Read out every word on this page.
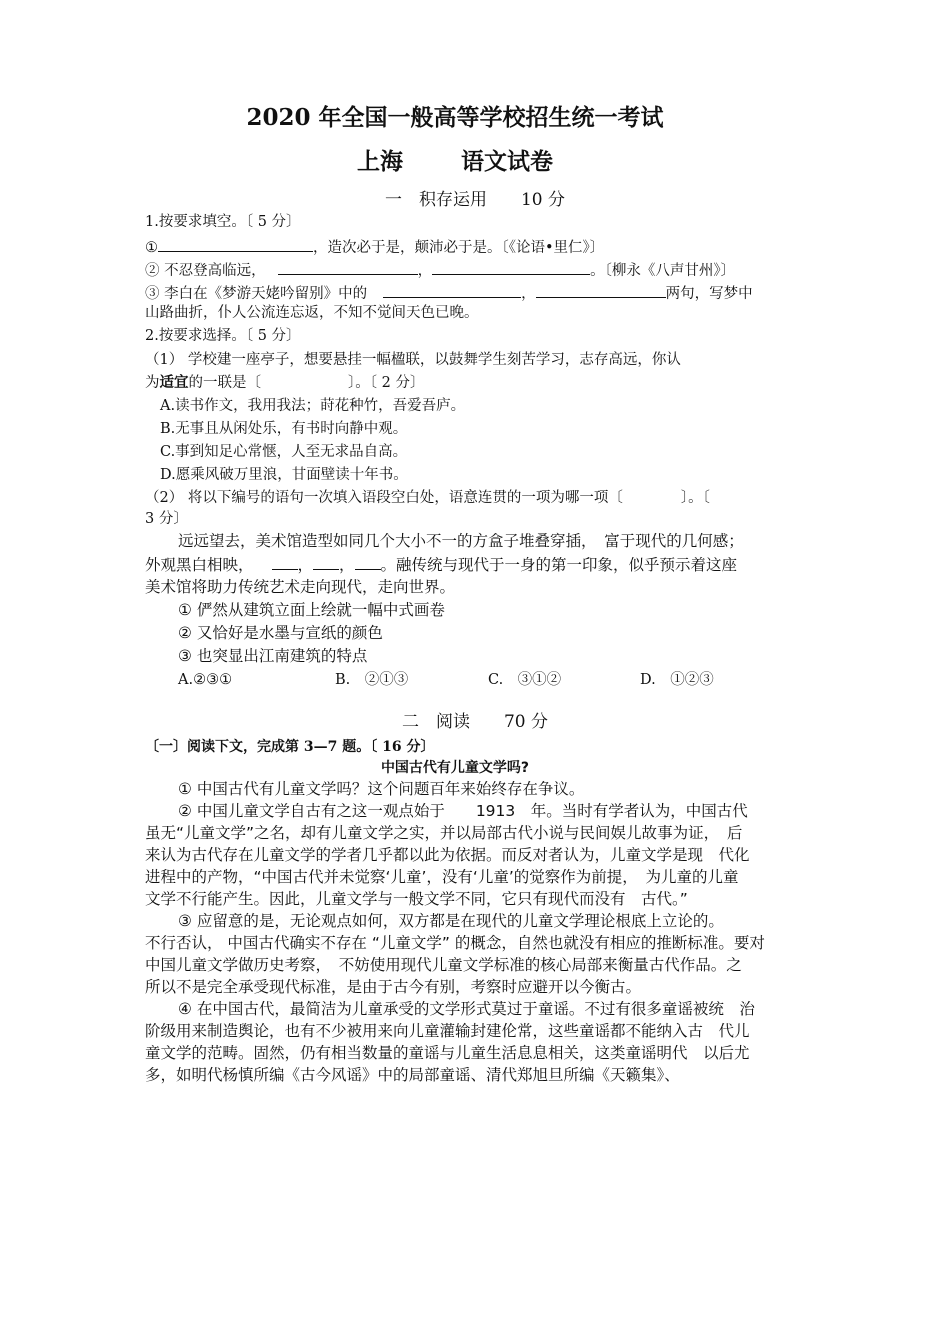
2020 年全国一般高等学校招生统一考试
上海	语文试卷
一　积存运用　　10 分
1.按要求填空。〔 5 分〕
①	，造次必于是，颠沛必于是。〔《论语•里仁》〕
② 不忍登高临远，	，	。〔柳永《八声甘州》〕
③ 李白在《梦游天姥吟留别》中的	，	两句，写梦中
山路曲折，仆人公流连忘返，不知不觉间天色已晚。
2.按要求选择。〔 5 分〕
（1） 学校建一座亭子，想要悬挂一幅楹联，以鼓舞学生刻苦学习，志存高远，你认
为适宜的一联是〔　　　　　　〕。〔 2 分〕
A.读书作文，我用我法；莳花种竹，吾爱吾庐。
B.无事且从闲处乐，有书时向静中观。
C.事到知足心常惬，人至无求品自高。
D.愿乘风破万里浪，甘面壁读十年书。
（2） 将以下编号的语句一次填入语段空白处，语意连贯的一项为哪一项〔　　　　〕。〔
3 分〕
远远望去，美术馆造型如同几个大小不一的方盒子堆叠穿插，　富于现代的几何感；
外观黑白相映，	， ， 。融传统与现代于一身的第一印象，似乎预示着这座
美术馆将助力传统艺术走向现代，走向世界。
① 俨然从建筑立面上绘就一幅中式画卷
② 又恰好是水墨与宣纸的颜色
③ 也突显出江南建筑的特点
A.②③①	B.　②①③	C.　③①②	D.　①②③
二　阅读　　70 分
〔一〕阅读下文，完成第 3—7 题。〔 16 分〕
中国古代有儿童文学吗?
① 中国古代有儿童文学吗？这个问题百年来始终存在争议。
② 中国儿童文学自古有之这一观点始于　　1913　年。当时有学者认为，中国古代
虽无“儿童文学”之名，却有儿童文学之实，并以局部古代小说与民间娱儿故事为证，　后
来认为古代存在儿童文学的学者几乎都以此为依据。而反对者认为，儿童文学是现　代化
进程中的产物，“中国古代并未觉察‘儿童’，没有‘儿童’的觉察作为前提，　为儿童的儿童
文学不行能产生。因此，儿童文学与一般文学不同，它只有现代而没有　古代。”
③ 应留意的是，无论观点如何，双方都是在现代的儿童文学理论根底上立论的。
不行否认， 中国古代确实不存在 “儿童文学” 的概念，自然也就没有相应的推断标准。要对
中国儿童文学做历史考察，　不妨使用现代儿童文学标准的核心局部来衡量古代作品。之
所以不是完全承受现代标准，是由于古今有别，考察时应避开以今衡古。
④ 在中国古代，最简洁为儿童承受的文学形式莫过于童谣。不过有很多童谣被统　治
阶级用来制造舆论，也有不少被用来向儿童灌输封建伦常，这些童谣都不能纳入古　代儿
童文学的范畴。固然，仍有相当数量的童谣与儿童生活息息相关，这类童谣明代　以后尤
多，如明代杨慎所编《古今风谣》中的局部童谣、清代郑旭旦所编《天籁集》、
